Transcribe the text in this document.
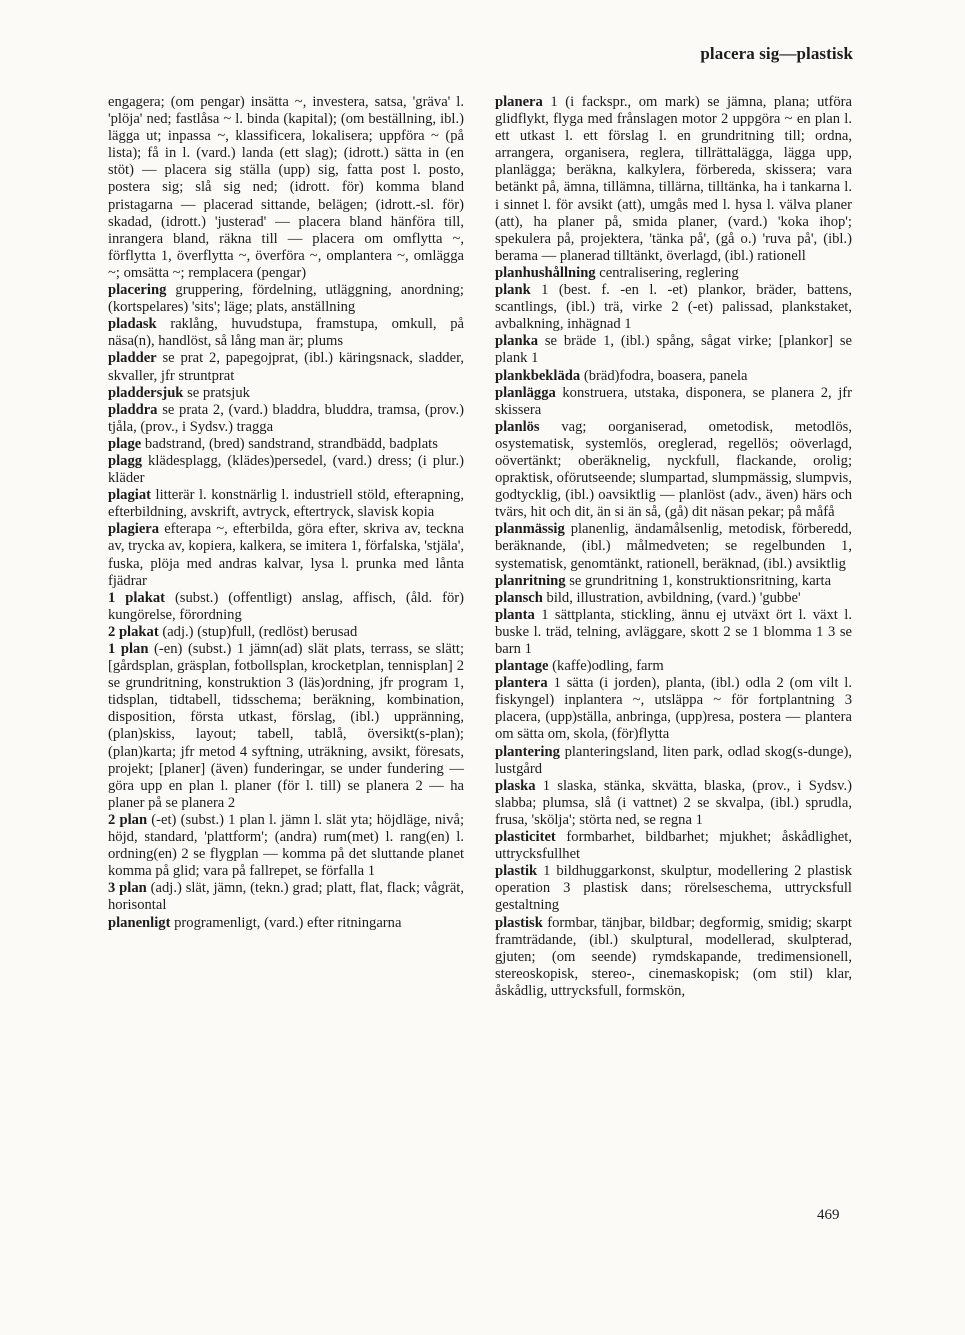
placera sig—plastisk

engagera; (om pengar) insätta ~, investera, satsa, 'gräva' l. 'plöja' ned; fastlåsa ~ l. binda (kapital); (om beställning, ibl.) lägga ut; inpassa ~, klassificera, lokalisera; uppföra ~ (på lista); få in l. (vard.) landa (ett slag); (idrott.) sätta in (en stöt) — placera sig ställa (upp) sig, fatta post l. posto, postera sig; slå sig ned; (idrott. för) komma bland pristagarna — placerad sittande, belägen; (idrott.-sl. för) skadad, (idrott.) 'justerad' — placera bland hänföra till, inrangera bland, räkna till — placera om omflytta ~, förflytta 1, överflytta ~, överföra ~, omplantera ~, omlägga ~; omsätta ~; remplacera (pengar)

placering gruppering, fördelning, utläggning, anordning; (kortspelares) 'sits'; läge; plats, anställning

pladask raklång, huvudstupa, framstupa, omkull, på näsa(n), handlöst, så lång man är; plums

pladder se prat 2, papegojprat, (ibl.) käringsnack, sladder, skvaller, jfr struntprat

pladdersjuk se pratsjuk

pladdra se prata 2, (vard.) bladdra, bluddra, tramsa, (prov.) tjåla, (prov., i Sydsv.) tragga

plage badstrand, (bred) sandstrand, strandbädd, badplats

plagg klädesplagg, (klädes)persedel, (vard.) dress; (i plur.) kläder

plagiat litterär l. konstnärlig l. industriell stöld, efterapning, efterbildning, avskrift, avtryck, eftertryck, slavisk kopia

plagiera efterapa ~, efterbilda, göra efter, skriva av, teckna av, trycka av, kopiera, kalkera, se imitera 1, förfalska, 'stjäla', fuska, plöja med andras kalvar, lysa l. prunka med lånta fjädrar

1 plakat (subst.) (offentligt) anslag, affisch, (åld. för) kungörelse, förordning

2 plakat (adj.) (stup)full, (redlöst) berusad

1 plan (-en) (subst.) 1 jämn(ad) slät plats, terrass, se slätt; [gårdsplan, gräsplan, fotbollsplan, krocketplan, tennisplan] 2 se grundritning, konstruktion 3 (läs)ordning, jfr program 1, tidsplan, tidtabell, tidsschema; beräkning, kombination, disposition, första utkast, förslag, (ibl.) uppränning, (plan)skiss, layout; tabell, tablå, översikt(s-plan); (plan)karta; jfr metod 4 syftning, uträkning, avsikt, föresats, projekt; [planer] (även) funderingar, se under fundering — göra upp en plan l. planer (för l. till) se planera 2 — ha planer på se planera 2

2 plan (-et) (subst.) 1 plan l. jämn l. slät yta; höjdläge, nivå; höjd, standard, 'plattform'; (andra) rum(met) l. rang(en) l. ordning(en) 2 se flygplan — komma på det sluttande planet komma på glid; vara på fallrepet, se förfalla 1

3 plan (adj.) slät, jämn, (tekn.) grad; platt, flat, flack; vågrät, horisontal

planenligt programenligt, (vard.) efter ritningarna

planera 1 (i fackspr., om mark) se jämna, plana; utföra glidflykt, flyga med frånslagen motor 2 uppgöra ~ en plan l. ett utkast l. ett förslag l. en grundritning till; ordna, arrangera, organisera, reglera, tillrättalägga, lägga upp, planlägga; beräkna, kalkylera, förbereda, skissera; vara betänkt på, ämna, tillämna, tillärna, tilltänka, ha i tankarna l. i sinnet l. för avsikt (att), umgås med l. hysa l. välva planer (att), ha planer på, smida planer, (vard.) 'koka ihop'; spekulera på, projektera, 'tänka på', (gå o.) 'ruva på', (ibl.) berama — planerad tilltänkt, överlagd, (ibl.) rationell

planhushållning centralisering, reglering

plank 1 (best. f. -en l. -et) plankor, bräder, battens, scantlings, (ibl.) trä, virke 2 (-et) palissad, plankstaket, avbalkning, inhägnad 1

planka se bräde 1, (ibl.) spång, sågat virke; [plankor] se plank 1

plankbeklädа (bräd)fodra, boasera, panela

planlägga konstruera, utstaka, disponera, se planera 2, jfr skissera

planlös vag; oorganiserad, ometodisk, metodlös, osystematisk, systemlös, oreglerad, regellös; oöverlagd, oövertänkt; oberäknelig, nyckfull, flackande, orolig; opraktisk, oförutseende; slumpartad, slumpmässig, slumpvis, godtycklig, (ibl.) oavsiktlig — planlöst (adv., även) härs och tvärs, hit och dit, än si än så, (gå) dit näsan pekar; på måfå

planmässig planenlig, ändamålsenlig, metodisk, förberedd, beräknande, (ibl.) målmedveten; se regelbunden 1, systematisk, genomtänkt, rationell, beräknad, (ibl.) avsiktlig

planritning se grundritning 1, konstruktionsritning, karta

plansch bild, illustration, avbildning, (vard.) 'gubbe'

planta 1 sättplanta, stickling, ännu ej utväxt ört l. växt l. buske l. träd, telning, avläggare, skott 2 se 1 blomma 1 3 se barn 1

plantage (kaffe)odling, farm

plantera 1 sätta (i jorden), planta, (ibl.) odla 2 (om vilt l. fiskyngel) inplantera ~, utsläppa ~ för fortplantning 3 placera, (upp)ställa, anbringa, (upp)resa, postera — plantera om sätta om, skola, (för)flytta

plantering planteringsland, liten park, odlad skog(s-dunge), lustgård

plaska 1 slaska, stänka, skvätta, blaska, (prov., i Sydsv.) slabba; plumsa, slå (i vattnet) 2 se skvalpa, (ibl.) sprudla, frusa, 'skölja'; störta ned, se regna 1

plasticitet formbarhet, bildbarhet; mjukhet; åskådlighet, uttrycksfullhet

plastik 1 bildhuggarkonst, skulptur, modellering 2 plastisk operation 3 plastisk dans; rörelseschema, uttrycksfull gestaltning

plastisk formbar, tänjbar, bildbar; degformig, smidig; skarpt framträdande, (ibl.) skulptural, modellerad, skulpterad, gjuten; (om seende) rymdskapande, tredimensionell, stereoskopisk, stereo-, cinemaskopisk; (om stil) klar, åskådlig, uttrycksfull, formskön,

469
